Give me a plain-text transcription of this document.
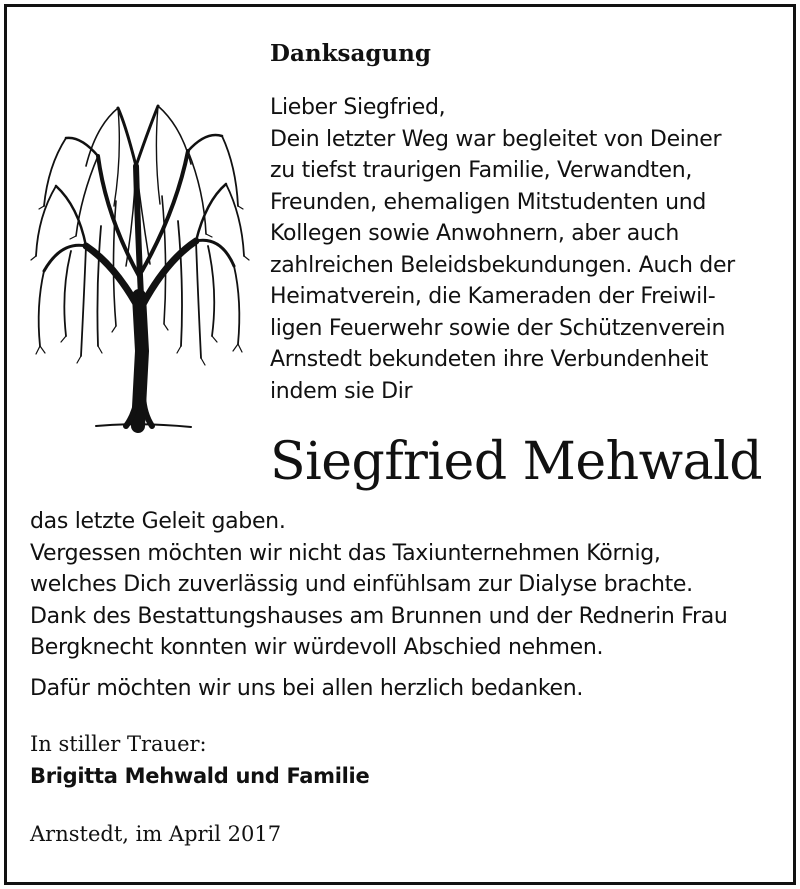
Danksagung
Lieber Siegfried,
Dein letzter Weg war begleitet von Deiner
zu tiefst traurigen Familie, Verwandten,
Freunden, ehemaligen Mitstudenten und
Kollegen sowie Anwohnern, aber auch
zahlreichen Beleidsbekundungen. Auch der
Heimatverein, die Kameraden der Freiwil-
ligen Feuerwehr sowie der Schützenverein
Arnstedt bekundeten ihre Verbundenheit
indem sie Dir
Siegfried Mehwald
das letzte Geleit gaben.
Vergessen möchten wir nicht das Taxiunternehmen Körnig,
welches Dich zuverlässig und einfühlsam zur Dialyse brachte.
Dank des Bestattungshauses am Brunnen und der Rednerin Frau
Bergknecht konnten wir würdevoll Abschied nehmen.
Dafür möchten wir uns bei allen herzlich bedanken.
In stiller Trauer:
Brigitta Mehwald und Familie
Arnstedt, im April 2017
